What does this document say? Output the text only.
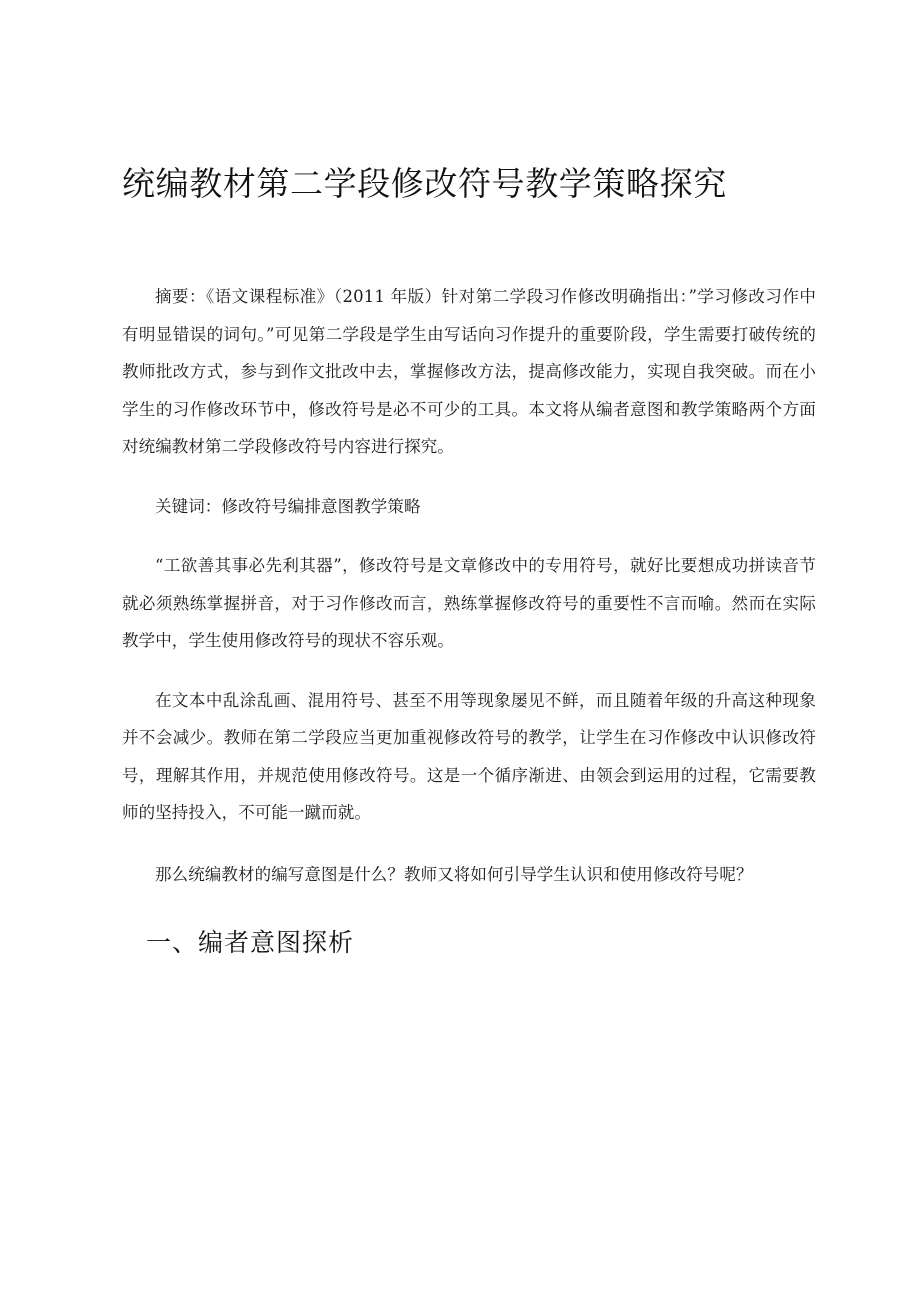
统编教材第二学段修改符号教学策略探究

摘要：《语文课程标准》（2011 年版）针对第二学段习作修改明确指出：”学习修改习作中有明显错误的词句。”可见第二学段是学生由写话向习作提升的重要阶段，学生需要打破传统的教师批改方式，参与到作文批改中去，掌握修改方法，提高修改能力，实现自我突破。而在小学生的习作修改环节中，修改符号是必不可少的工具。本文将从编者意图和教学策略两个方面对统编教材第二学段修改符号内容进行探究。

关键词：修改符号编排意图教学策略

“工欲善其事必先利其器”，修改符号是文章修改中的专用符号，就好比要想成功拼读音节就必须熟练掌握拼音，对于习作修改而言，熟练掌握修改符号的重要性不言而喻。然而在实际教学中，学生使用修改符号的现状不容乐观。

在文本中乱涂乱画、混用符号、甚至不用等现象屡见不鲜，而且随着年级的升高这种现象并不会减少。教师在第二学段应当更加重视修改符号的教学，让学生在习作修改中认识修改符号，理解其作用，并规范使用修改符号。这是一个循序渐进、由领会到运用的过程，它需要教师的坚持投入，不可能一蹴而就。

那么统编教材的编写意图是什么？教师又将如何引导学生认识和使用修改符号呢？

一、编者意图探析
